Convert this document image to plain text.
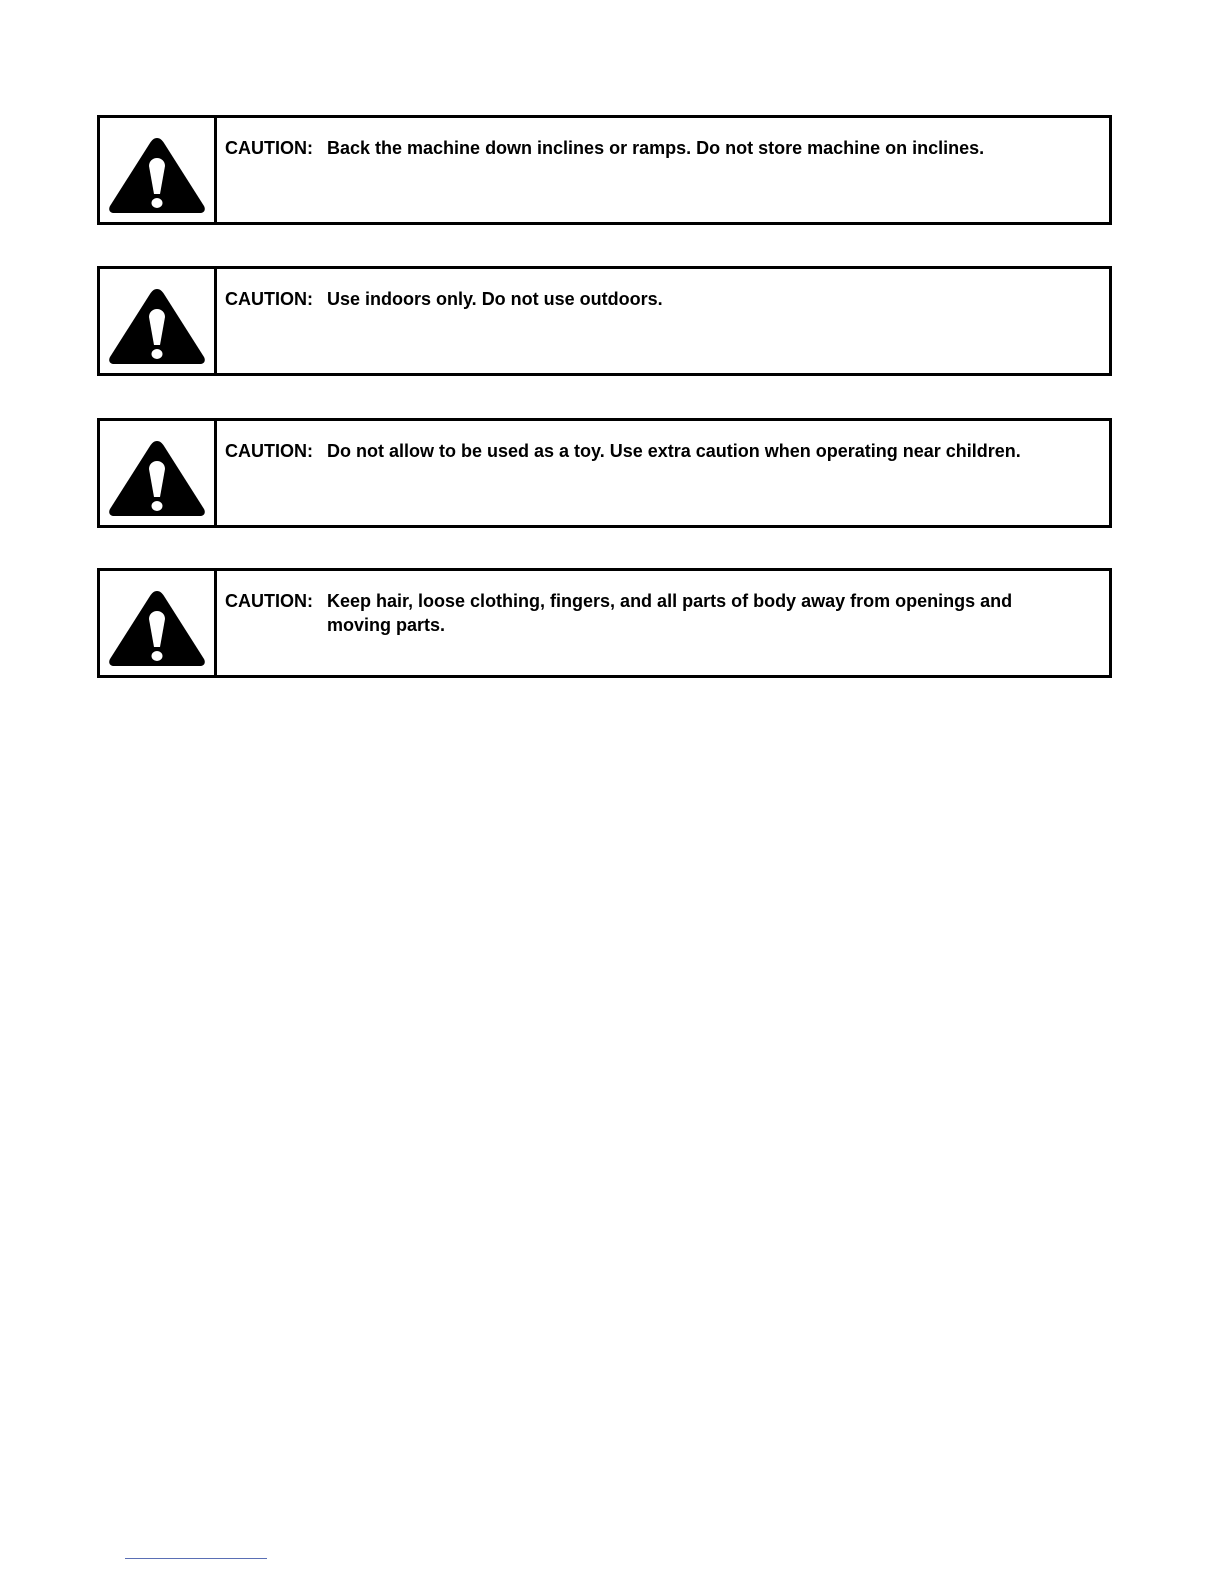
CAUTION: Back the machine down inclines or ramps. Do not store machine on inclines.
CAUTION: Use indoors only. Do not use outdoors.
CAUTION: Do not allow to be used as a toy. Use extra caution when operating near children.
CAUTION: Keep hair, loose clothing, fingers, and all parts of body away from openings and moving parts.
